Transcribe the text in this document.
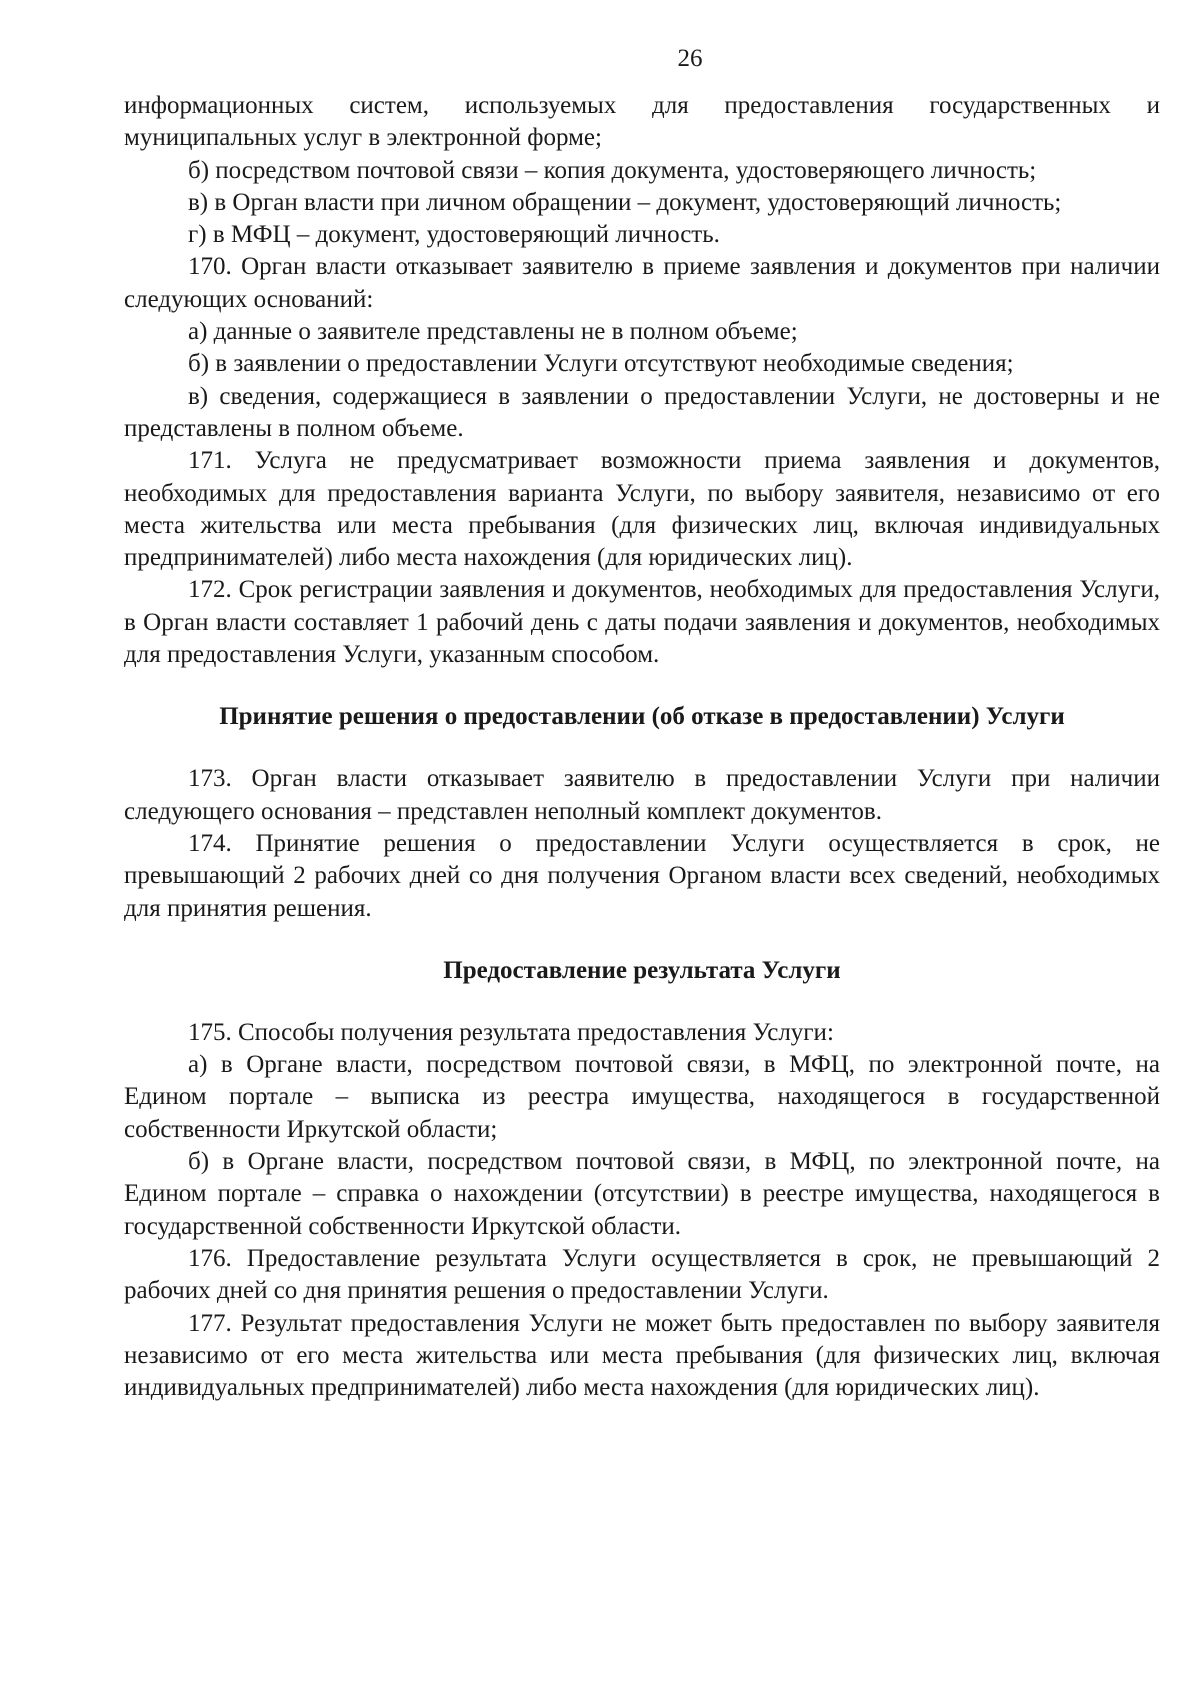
26

информационных систем, используемых для предоставления государственных и муниципальных услуг в электронной форме;

б) посредством почтовой связи – копия документа, удостоверяющего личность;

в) в Орган власти при личном обращении – документ, удостоверяющий личность;

г) в МФЦ – документ, удостоверяющий личность.

170. Орган власти отказывает заявителю в приеме заявления и документов при наличии следующих оснований:

а) данные о заявителе представлены не в полном объеме;

б) в заявлении о предоставлении Услуги отсутствуют необходимые сведения;

в) сведения, содержащиеся в заявлении о предоставлении Услуги, не достоверны и не представлены в полном объеме.

171. Услуга не предусматривает возможности приема заявления и документов, необходимых для предоставления варианта Услуги, по выбору заявителя, независимо от его места жительства или места пребывания (для физических лиц, включая индивидуальных предпринимателей) либо места нахождения (для юридических лиц).

172. Срок регистрации заявления и документов, необходимых для предоставления Услуги, в Орган власти составляет 1 рабочий день с даты подачи заявления и документов, необходимых для предоставления Услуги, указанным способом.

Принятие решения о предоставлении (об отказе в предоставлении) Услуги

173. Орган власти отказывает заявителю в предоставлении Услуги при наличии следующего основания – представлен неполный комплект документов.

174. Принятие решения о предоставлении Услуги осуществляется в срок, не превышающий 2 рабочих дней со дня получения Органом власти всех сведений, необходимых для принятия решения.

Предоставление результата Услуги

175. Способы получения результата предоставления Услуги:

а) в Органе власти, посредством почтовой связи, в МФЦ, по электронной почте, на Едином портале – выписка из реестра имущества, находящегося в государственной собственности Иркутской области;

б) в Органе власти, посредством почтовой связи, в МФЦ, по электронной почте, на Едином портале – справка о нахождении (отсутствии) в реестре имущества, находящегося в государственной собственности Иркутской области.

176. Предоставление результата Услуги осуществляется в срок, не превышающий 2 рабочих дней со дня принятия решения о предоставлении Услуги.

177. Результат предоставления Услуги не может быть предоставлен по выбору заявителя независимо от его места жительства или места пребывания (для физических лиц, включая индивидуальных предпринимателей) либо места нахождения (для юридических лиц).
